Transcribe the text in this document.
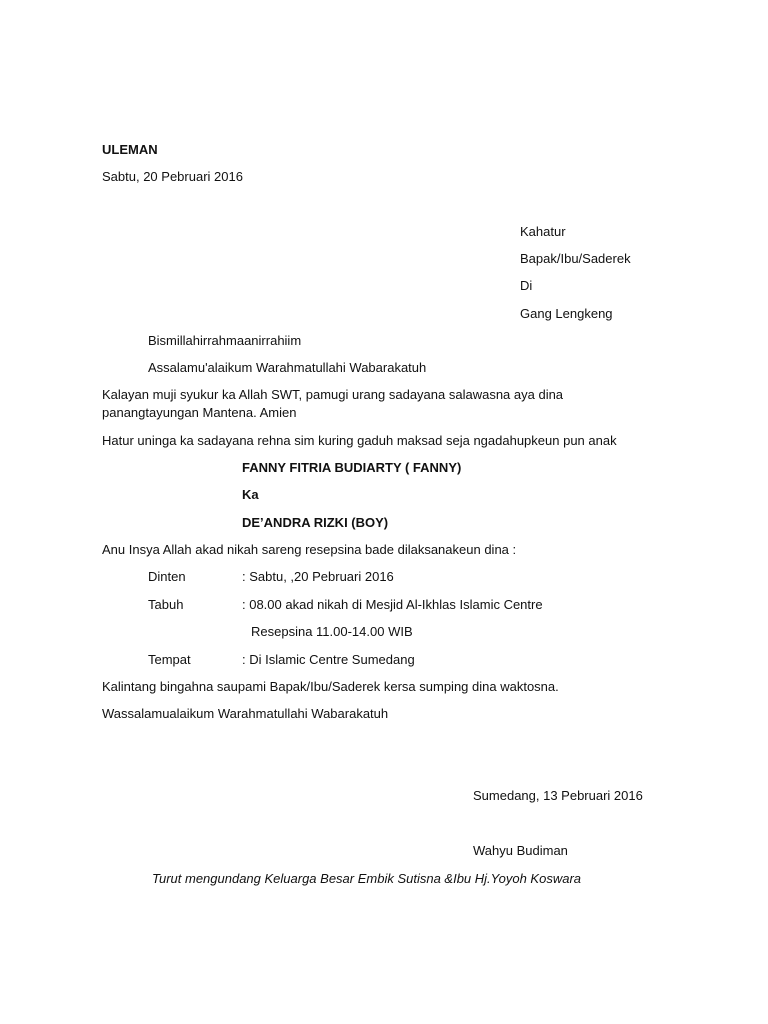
ULEMAN
Sabtu, 20 Pebruari 2016
Kahatur
Bapak/Ibu/Saderek
Di
Gang Lengkeng
Bismillahirrahmaanirrahiim
Assalamu'alaikum Warahmatullahi Wabarakatuh
Kalayan muji syukur ka Allah SWT, pamugi urang sadayana salawasna aya dina panangtayungan Mantena. Amien
Hatur uninga ka sadayana rehna sim kuring gaduh maksad seja ngadahupkeun pun anak
FANNY FITRIA BUDIARTY ( FANNY)
Ka
DE’ANDRA RIZKI (BOY)
Anu Insya Allah akad nikah sareng resepsina bade dilaksanakeun dina :
Dinten	: Sabtu, ,20 Pebruari 2016
Tabuh	: 08.00 akad nikah di Mesjid Al-Ikhlas Islamic Centre
Resepsina 11.00-14.00 WIB
Tempat	: Di Islamic Centre Sumedang
Kalintang bingahna saupami Bapak/Ibu/Saderek kersa sumping dina waktosna.
Wassalamualaikum Warahmatullahi Wabarakatuh
Sumedang, 13 Pebruari 2016
Wahyu Budiman
Turut mengundang Keluarga Besar Embik Sutisna &Ibu Hj.Yoyoh Koswara
